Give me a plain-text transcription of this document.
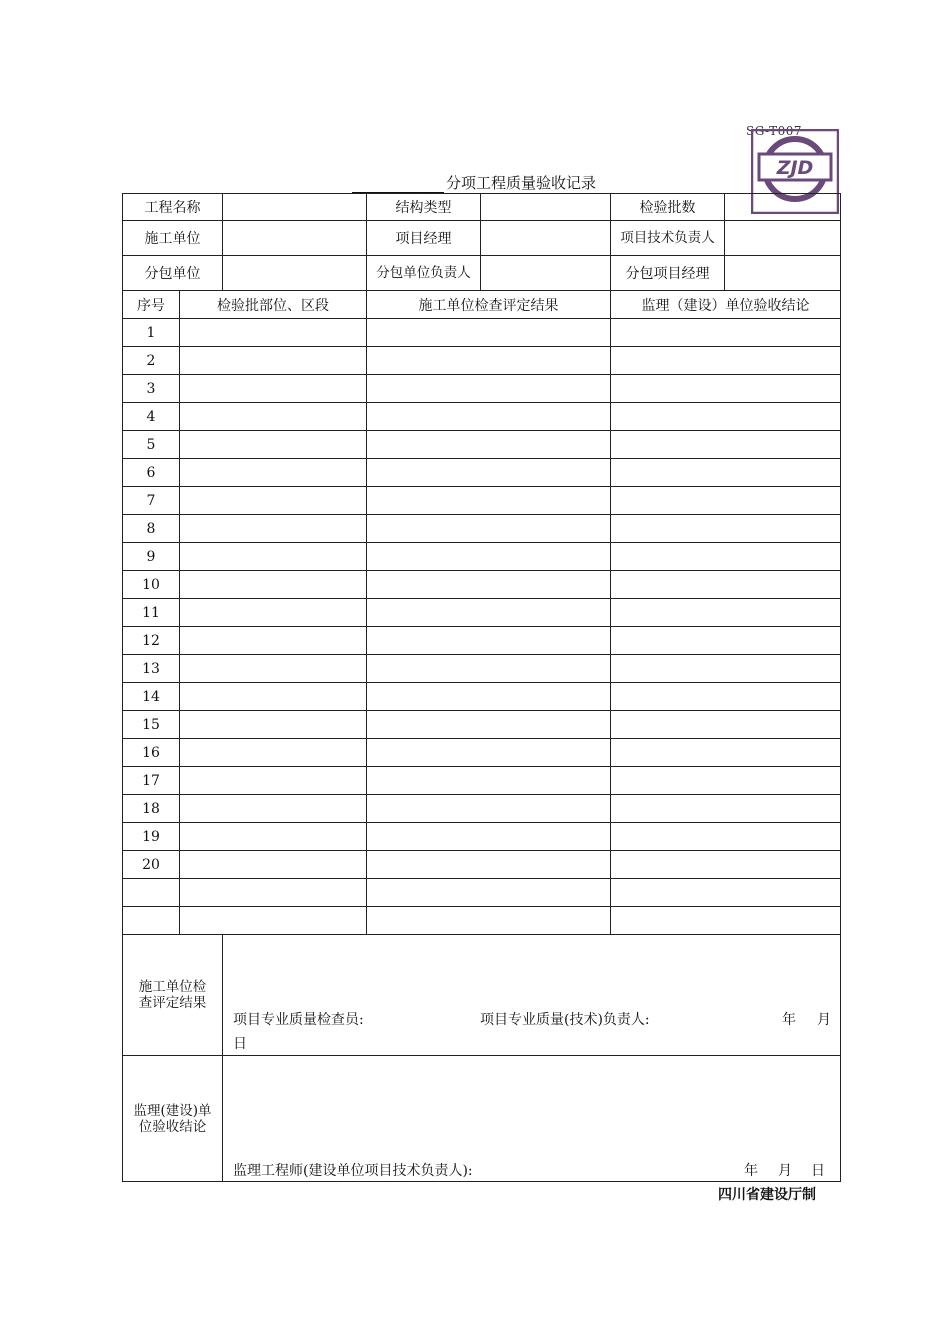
SG-T007
ZJD
分项工程质量验收记录
工程名称			结构类型		检验批数	
施工单位			项目经理		项目技术负责人	
分包单位			分包单位负责人		分包项目经理	
序号	检验批部位、区段		施工单位检查评定结果		监理（建设）单位验收结论	
1						
2						
3						
4						
5						
6						
7						
8						
9						
10						
11						
12						
13						
14						
15						
16						
17						
18						
19						
20						

施工单位检查评定结果		项目专业质量检查员: 项目专业质量(技术)负责人: 年 月
日				

监理(建设)单位验收结论		监理工程师(建设单位项目技术负责人): 年 月 日				
四川省建设厅制
